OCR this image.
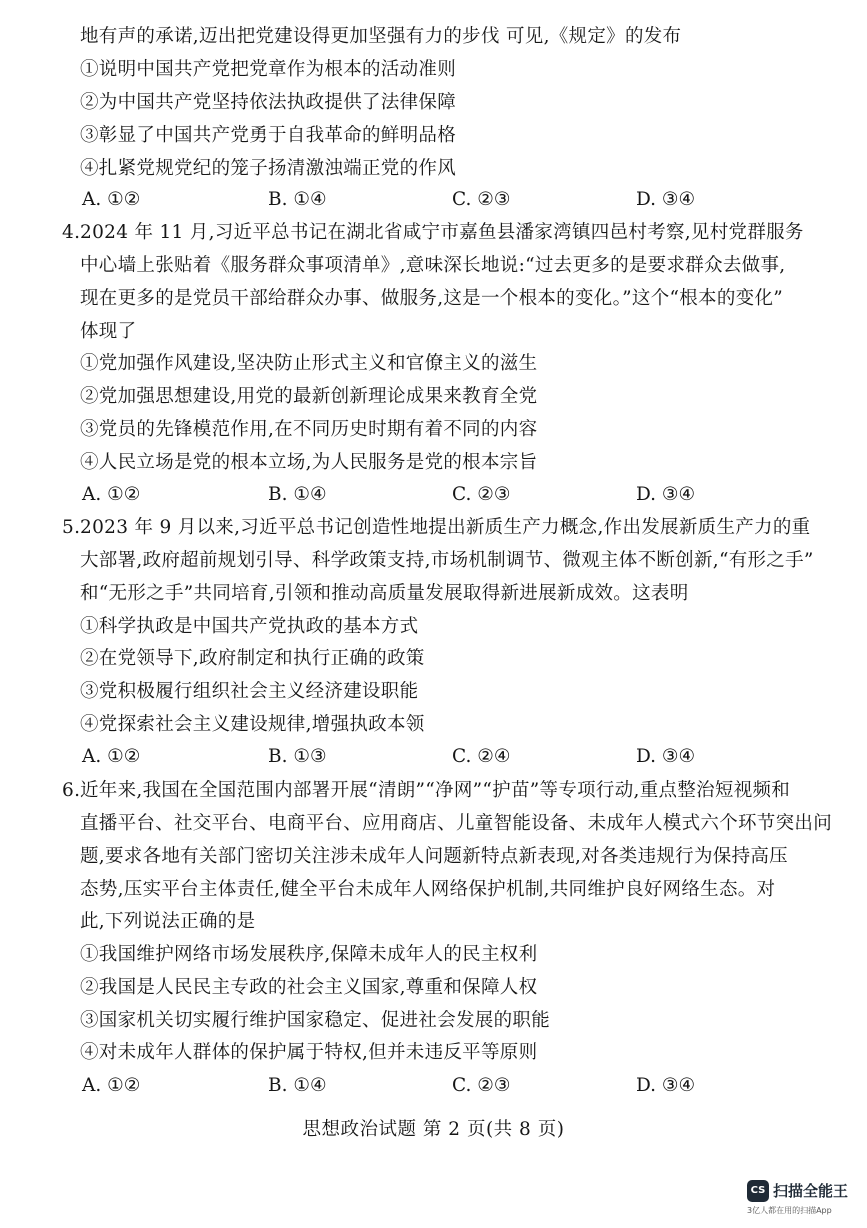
地有声的承诺,迈出把党建设得更加坚强有力的步伐 可见,《规定》的发布
①说明中国共产党把党章作为根本的活动准则
②为中国共产党坚持依法执政提供了法律保障
③彰显了中国共产党勇于自我革命的鲜明品格
④扎紧党规党纪的笼子扬清激浊端正党的作风
A. ①②	B. ①④	C. ②③	D. ③④
4. 2024 年 11 月,习近平总书记在湖北省咸宁市嘉鱼县潘家湾镇四邑村考察,见村党群服务
中心墙上张贴着《服务群众事项清单》,意味深长地说:“过去更多的是要求群众去做事,
现在更多的是党员干部给群众办事、做服务,这是一个根本的变化。”这个“根本的变化”
体现了
①党加强作风建设,坚决防止形式主义和官僚主义的滋生
②党加强思想建设,用党的最新创新理论成果来教育全党
③党员的先锋模范作用,在不同历史时期有着不同的内容
④人民立场是党的根本立场,为人民服务是党的根本宗旨
A. ①②	B. ①④	C. ②③	D. ③④
5. 2023 年 9 月以来,习近平总书记创造性地提出新质生产力概念,作出发展新质生产力的重
大部署,政府超前规划引导、科学政策支持,市场机制调节、微观主体不断创新,“有形之手”
和“无形之手”共同培育,引领和推动高质量发展取得新进展新成效。这表明
①科学执政是中国共产党执政的基本方式
②在党领导下,政府制定和执行正确的政策
③党积极履行组织社会主义经济建设职能
④党探索社会主义建设规律,增强执政本领
A. ①②	B. ①③	C. ②④	D. ③④
6. 近年来,我国在全国范围内部署开展“清朗”“净网”“护苗”等专项行动,重点整治短视频和
直播平台、社交平台、电商平台、应用商店、儿童智能设备、未成年人模式六个环节突出问
题,要求各地有关部门密切关注涉未成年人问题新特点新表现,对各类违规行为保持高压
态势,压实平台主体责任,健全平台未成年人网络保护机制,共同维护良好网络生态。对
此,下列说法正确的是
①我国维护网络市场发展秩序,保障未成年人的民主权利
②我国是人民民主专政的社会主义国家,尊重和保障人权
③国家机关切实履行维护国家稳定、促进社会发展的职能
④对未成年人群体的保护属于特权,但并未违反平等原则
A. ①②	B. ①④	C. ②③	D. ③④
思想政治试题 第 2 页(共 8 页)
CS 扫描全能王
3亿人都在用的扫描App
